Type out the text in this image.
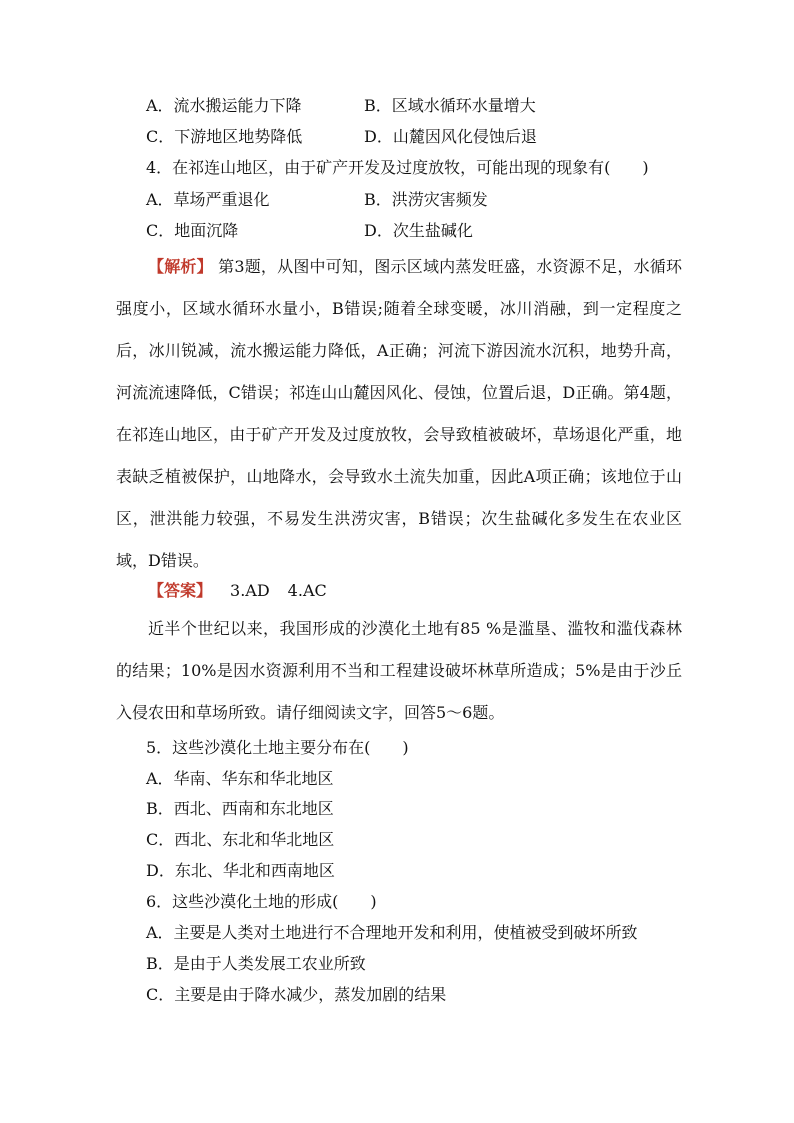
A．流水搬运能力下降	B．区域水循环水量增大
C．下游地区地势降低	D．山麓因风化侵蚀后退
4．在祁连山地区，由于矿产开发及过度放牧，可能出现的现象有(　　)
A．草场严重退化	B．洪涝灾害频发
C．地面沉降	D．次生盐碱化
【解析】 第3题，从图中可知，图示区域内蒸发旺盛，水资源不足，水循环强度小，区域水循环水量小，B错误;随着全球变暖，冰川消融，到一定程度之后，冰川锐减，流水搬运能力降低，A正确；河流下游因流水沉积，地势升高，河流流速降低，C错误；祁连山山麓因风化、侵蚀，位置后退，D正确。第4题，在祁连山地区，由于矿产开发及过度放牧，会导致植被破坏，草场退化严重，地表缺乏植被保护，山地降水，会导致水土流失加重，因此A项正确；该地位于山区，泄洪能力较强，不易发生洪涝灾害，B错误；次生盐碱化多发生在农业区域，D错误。
【答案】 3.AD 4.AC
近半个世纪以来，我国形成的沙漠化土地有85 %是滥垦、滥牧和滥伐森林的结果；10%是因水资源利用不当和工程建设破坏林草所造成；5%是由于沙丘入侵农田和草场所致。请仔细阅读文字，回答5～6题。
5．这些沙漠化土地主要分布在(　　)
A．华南、华东和华北地区
B．西北、西南和东北地区
C．西北、东北和华北地区
D．东北、华北和西南地区
6．这些沙漠化土地的形成(　　)
A．主要是人类对土地进行不合理地开发和利用，使植被受到破坏所致
B．是由于人类发展工农业所致
C．主要是由于降水减少，蒸发加剧的结果
